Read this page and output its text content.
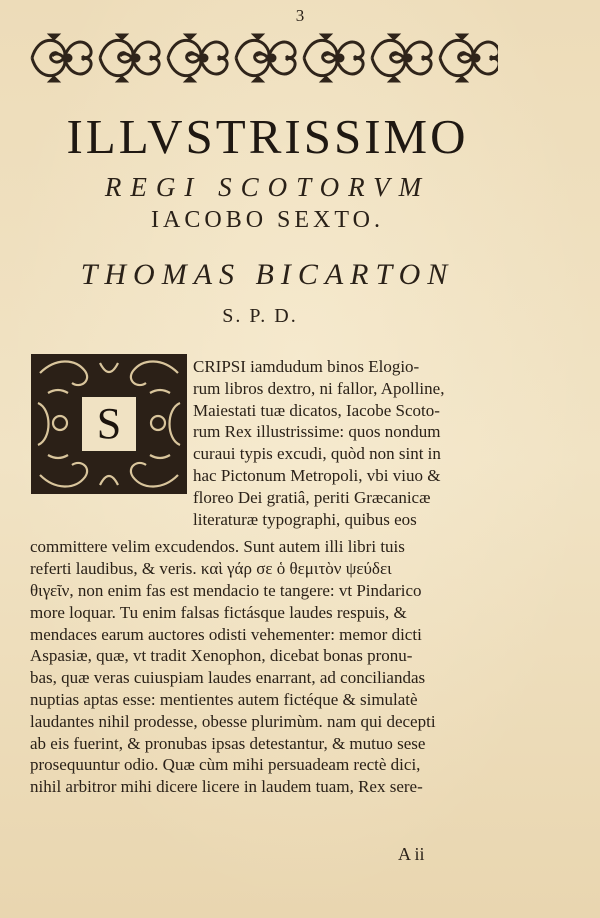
3
ILLVSTRISSIMO
REGI SCOTORVM
IACOBO SEXTO.
THOMAS BICARTON
S. P. D.
S
CRIPSI iamdudum binos Elogio-
rum libros dextro, ni fallor, Apolline,
Maiestati tuæ dicatos, Iacobe Scoto-
rum Rex illustrissime: quos nondum
curaui typis excudi, quòd non sint in
hac Pictonum Metropoli, vbi viuo &
floreo Dei gratiâ, periti Græcanicæ
literaturæ typographi, quibus eos
committere velim excudendos. Sunt autem illi libri tuis
referti laudibus, & veris. καὶ γάρ σε ὁ θεμιτὸν ψεύδει
θιγεῖν, non enim fas est mendacio te tangere: vt Pindarico
more loquar. Tu enim falsas fictásque laudes respuis, &
mendaces earum auctores odisti vehementer: memor dicti
Aspasiæ, quæ, vt tradit Xenophon, dicebat bonas pronu-
bas, quæ veras cuiuspiam laudes enarrant, ad conciliandas
nuptias aptas esse: mentientes autem fictéque & simulatè
laudantes nihil prodesse, obesse plurimùm. nam qui decepti
ab eis fuerint, & pronubas ipsas detestantur, & mutuo sese
prosequuntur odio. Quæ cùm mihi persuadeam rectè dici,
nihil arbitror mihi dicere licere in laudem tuam, Rex sere-
A ii
